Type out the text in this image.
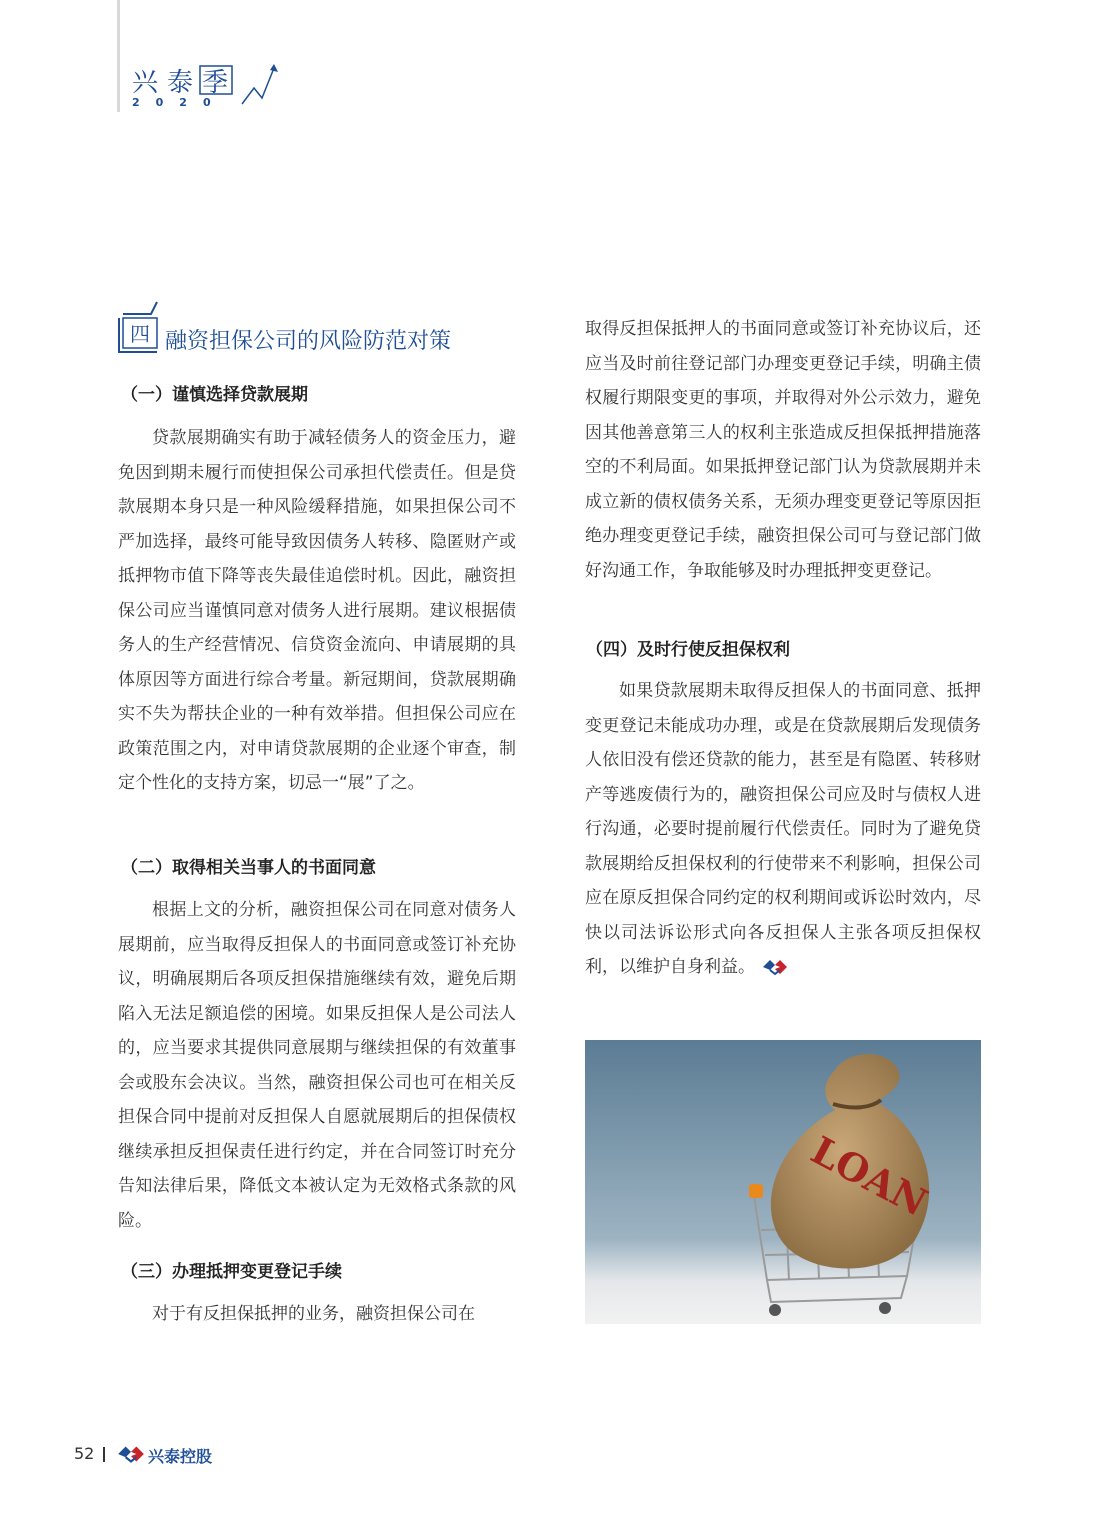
兴泰季
2020
四 融资担保公司的风险防范对策
（一）谨慎选择贷款展期
贷款展期确实有助于减轻债务人的资金压力，避免因到期未履行而使担保公司承担代偿责任。但是贷款展期本身只是一种风险缓释措施，如果担保公司不严加选择，最终可能导致因债务人转移、隐匿财产或抵押物市值下降等丧失最佳追偿时机。因此，融资担保公司应当谨慎同意对债务人进行展期。建议根据债务人的生产经营情况、信贷资金流向、申请展期的具体原因等方面进行综合考量。新冠期间，贷款展期确实不失为帮扶企业的一种有效举措。但担保公司应在政策范围之内，对申请贷款展期的企业逐个审查，制定个性化的支持方案，切忌一“展”了之。
（二）取得相关当事人的书面同意
根据上文的分析，融资担保公司在同意对债务人展期前，应当取得反担保人的书面同意或签订补充协议，明确展期后各项反担保措施继续有效，避免后期陷入无法足额追偿的困境。如果反担保人是公司法人的，应当要求其提供同意展期与继续担保的有效董事会或股东会决议。当然，融资担保公司也可在相关反担保合同中提前对反担保人自愿就展期后的担保债权继续承担反担保责任进行约定，并在合同签订时充分告知法律后果，降低文本被认定为无效格式条款的风险。
（三）办理抵押变更登记手续
对于有反担保抵押的业务，融资担保公司在
取得反担保抵押人的书面同意或签订补充协议后，还应当及时前往登记部门办理变更登记手续，明确主债权履行期限变更的事项，并取得对外公示效力，避免因其他善意第三人的权利主张造成反担保抵押措施落空的不利局面。如果抵押登记部门认为贷款展期并未成立新的债权债务关系，无须办理变更登记等原因拒绝办理变更登记手续，融资担保公司可与登记部门做好沟通工作，争取能够及时办理抵押变更登记。
（四）及时行使反担保权利
如果贷款展期未取得反担保人的书面同意、抵押变更登记未能成功办理，或是在贷款展期后发现债务人依旧没有偿还贷款的能力，甚至是有隐匿、转移财产等逃废债行为的，融资担保公司应及时与债权人进行沟通，必要时提前履行代偿责任。同时为了避免贷款展期给反担保权利的行使带来不利影响，担保公司应在原反担保合同约定的权利期间或诉讼时效内，尽快以司法诉讼形式向各反担保人主张各项反担保权利，以维护自身利益。
LOAN
52	兴泰控股
